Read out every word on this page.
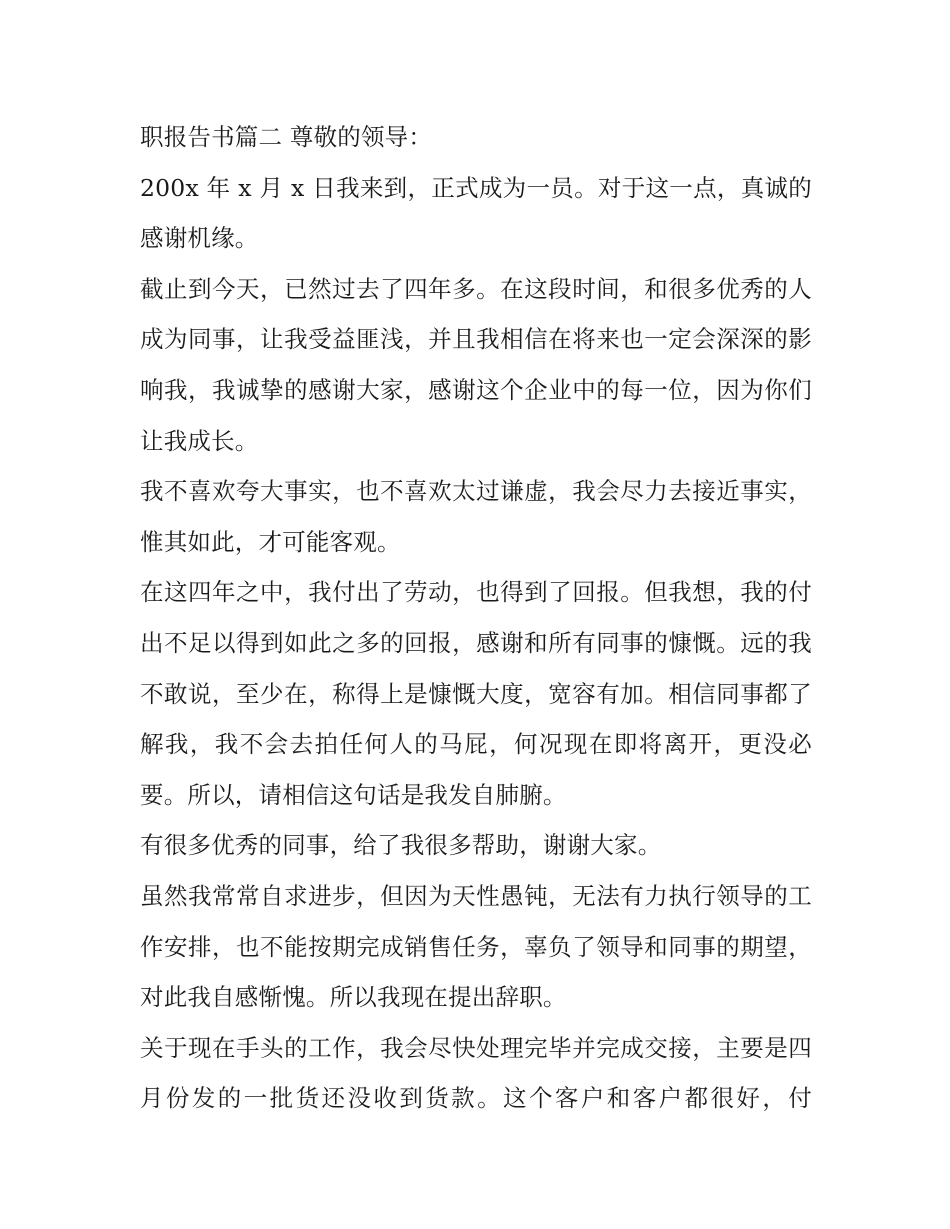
职报告书篇二 尊敬的领导：

200x 年 x 月 x 日我来到，正式成为一员。对于这一点，真诚的感谢机缘。

截止到今天，已然过去了四年多。在这段时间，和很多优秀的人成为同事，让我受益匪浅，并且我相信在将来也一定会深深的影响我，我诚挚的感谢大家，感谢这个企业中的每一位，因为你们让我成长。

我不喜欢夸大事实，也不喜欢太过谦虚，我会尽力去接近事实，惟其如此，才可能客观。

在这四年之中，我付出了劳动，也得到了回报。但我想，我的付出不足以得到如此之多的回报，感谢和所有同事的慷慨。远的我不敢说，至少在，称得上是慷慨大度，宽容有加。相信同事都了解我，我不会去拍任何人的马屁，何况现在即将离开，更没必要。所以，请相信这句话是我发自肺腑。

有很多优秀的同事，给了我很多帮助，谢谢大家。

虽然我常常自求进步，但因为天性愚钝，无法有力执行领导的工作安排，也不能按期完成销售任务，辜负了领导和同事的期望，对此我自感惭愧。所以我现在提出辞职。

关于现在手头的工作，我会尽快处理完毕并完成交接，主要是四月份发的一批货还没收到货款。这个客户和客户都很好，付
